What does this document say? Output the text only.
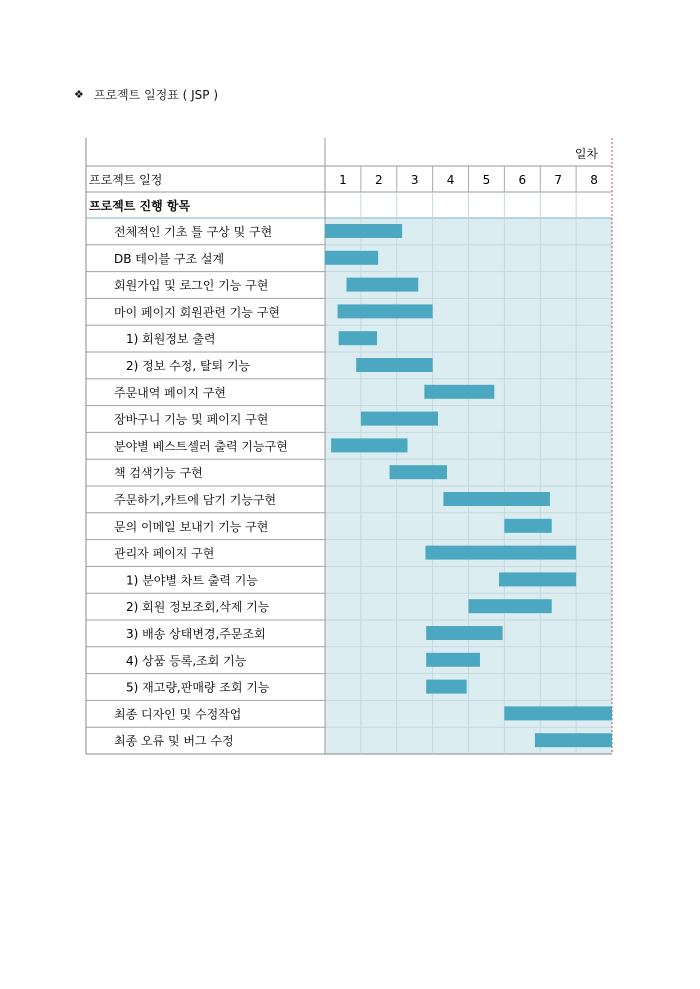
❖ 프로젝트 일정표 ( JSP )
일차
프로젝트 일정	1 2 3 4 5 6 7 8
프로젝트 진행 항목
전체적인 기초 틀 구상 및 구현
DB 테이블 구조 설계
회원가입 및 로그인 기능 구현
마이 페이지 회원관련 기능 구현
1) 회원정보 출력
2) 정보 수정, 탈퇴 기능
주문내역 페이지 구현
장바구니 기능 및 페이지 구현
분야별 베스트셀러 출력 기능구현
책 검색기능 구현
주문하기,카트에 담기 기능구현
문의 이메일 보내기 기능 구현
관리자 페이지 구현
1) 분야별 차트 출력 기능
2) 회원 정보조회,삭제 기능
3) 배송 상태변경,주문조회
4) 상품 등록,조회 기능
5) 재고량,판매량 조회 기능
최종 디자인 및 수정작업
최종 오류 및 버그 수정
